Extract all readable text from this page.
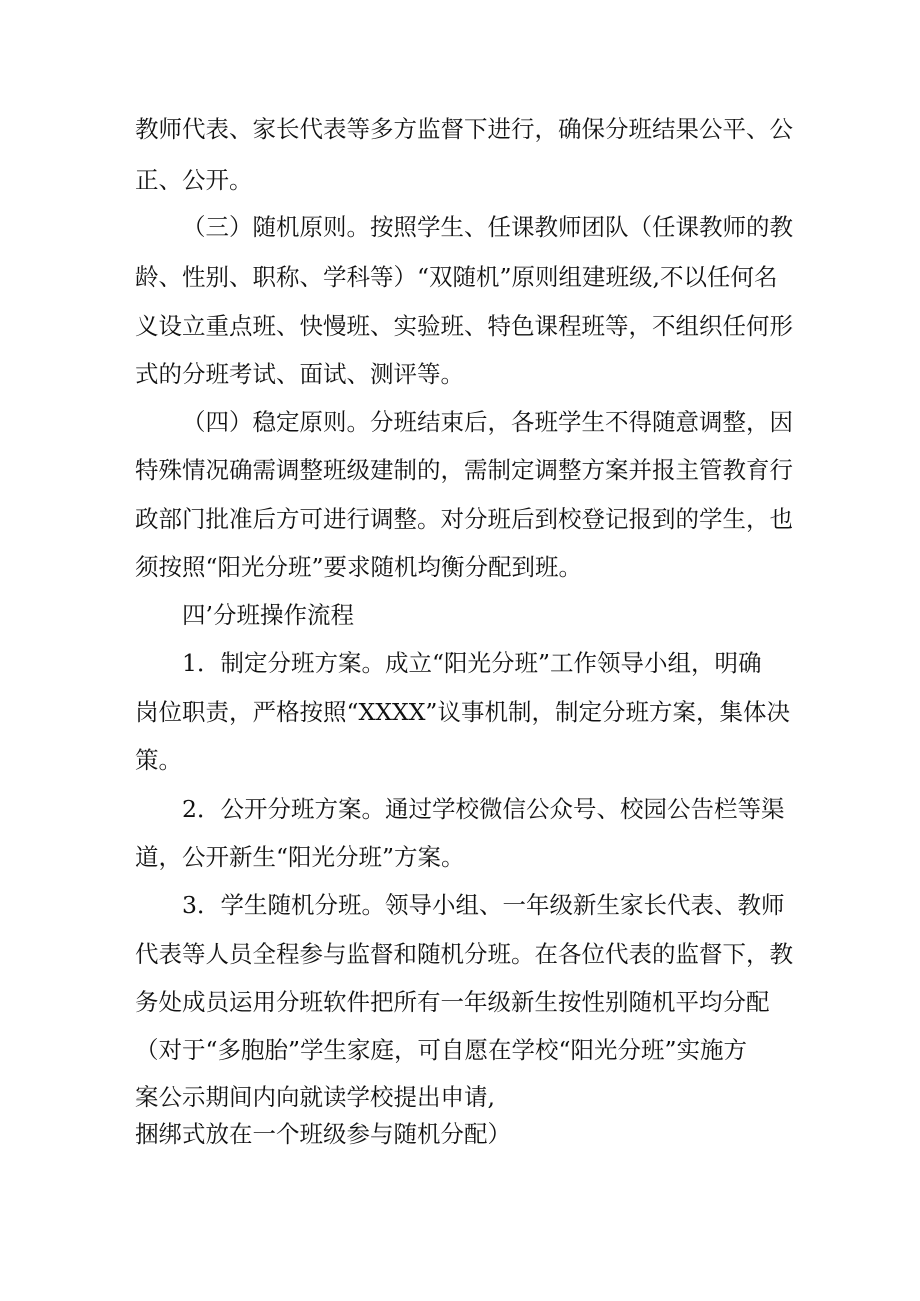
教师代表、家长代表等多方监督下进行，确保分班结果公平、公
正、公开。
（三）随机原则。按照学生、任课教师团队（任课教师的教
龄、性别、职称、学科等）“双随机”原则组建班级,不以任何名
义设立重点班、快慢班、实验班、特色课程班等，不组织任何形
式的分班考试、面试、测评等。
（四）稳定原则。分班结束后，各班学生不得随意调整，因
特殊情况确需调整班级建制的，需制定调整方案并报主管教育行
政部门批准后方可进行调整。对分班后到校登记报到的学生，也
须按照“阳光分班”要求随机均衡分配到班。
四’分班操作流程
1．制定分班方案。成立“阳光分班”工作领导小组，明确
岗位职责，严格按照“XXXX”议事机制，制定分班方案，集体决
策。
2．公开分班方案。通过学校微信公众号、校园公告栏等渠
道，公开新生“阳光分班”方案。
3．学生随机分班。领导小组、一年级新生家长代表、教师
代表等人员全程参与监督和随机分班。在各位代表的监督下，教
务处成员运用分班软件把所有一年级新生按性别随机平均分配
（对于“多胞胎”学生家庭，可自愿在学校“阳光分班”实施方
案公示期间内向就读学校提出申请,
捆绑式放在一个班级参与随机分配）
